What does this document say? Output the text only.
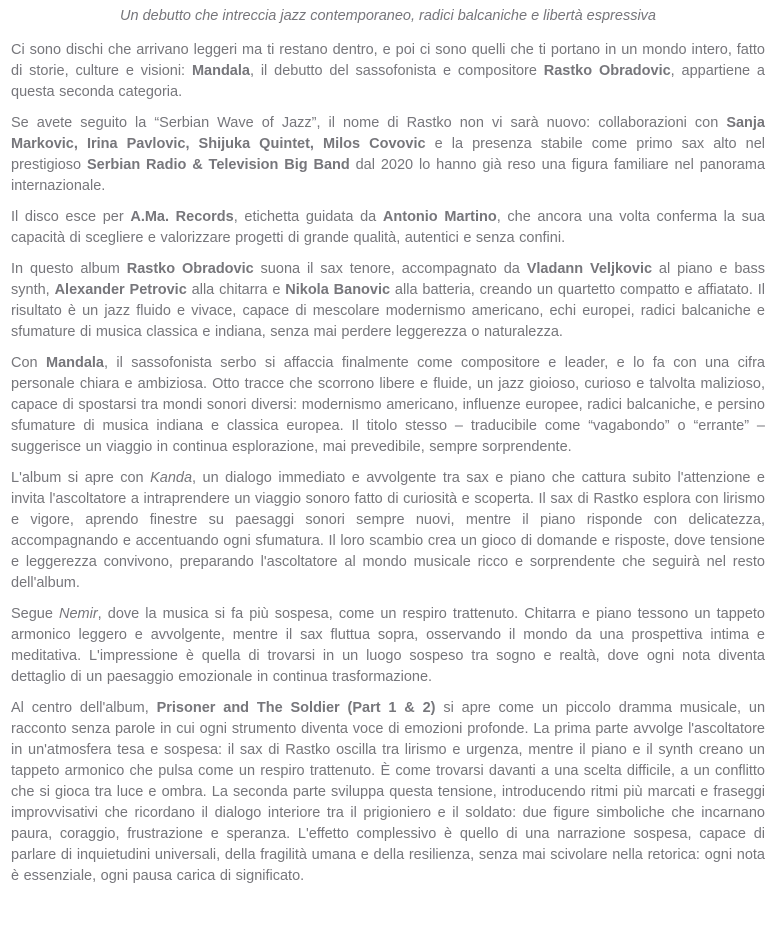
Un debutto che intreccia jazz contemporaneo, radici balcaniche e libertà espressiva

Ci sono dischi che arrivano leggeri ma ti restano dentro, e poi ci sono quelli che ti portano in un mondo intero, fatto di storie, culture e visioni: Mandala, il debutto del sassofonista e compositore Rastko Obradovic, appartiene a questa seconda categoria.

Se avete seguito la “Serbian Wave of Jazz”, il nome di Rastko non vi sarà nuovo: collaborazioni con Sanja Markovic, Irina Pavlovic, Shijuka Quintet, Milos Covovic e la presenza stabile come primo sax alto nel prestigioso Serbian Radio & Television Big Band dal 2020 lo hanno già reso una figura familiare nel panorama internazionale.

Il disco esce per A.Ma. Records, etichetta guidata da Antonio Martino, che ancora una volta conferma la sua capacità di scegliere e valorizzare progetti di grande qualità, autentici e senza confini.

In questo album Rastko Obradovic suona il sax tenore, accompagnato da Vladann Veljkovic al piano e bass synth, Alexander Petrovic alla chitarra e Nikola Banovic alla batteria, creando un quartetto compatto e affiatato. Il risultato è un jazz fluido e vivace, capace di mescolare modernismo americano, echi europei, radici balcaniche e sfumature di musica classica e indiana, senza mai perdere leggerezza o naturalezza.

Con Mandala, il sassofonista serbo si affaccia finalmente come compositore e leader, e lo fa con una cifra personale chiara e ambiziosa. Otto tracce che scorrono libere e fluide, un jazz gioioso, curioso e talvolta malizioso, capace di spostarsi tra mondi sonori diversi: modernismo americano, influenze europee, radici balcaniche, e persino sfumature di musica indiana e classica europea. Il titolo stesso – traducibile come “vagabondo” o “errante” – suggerisce un viaggio in continua esplorazione, mai prevedibile, sempre sorprendente.

L'album si apre con Kanda, un dialogo immediato e avvolgente tra sax e piano che cattura subito l'attenzione e invita l'ascoltatore a intraprendere un viaggio sonoro fatto di curiosità e scoperta. Il sax di Rastko esplora con lirismo e vigore, aprendo finestre su paesaggi sonori sempre nuovi, mentre il piano risponde con delicatezza, accompagnando e accentuando ogni sfumatura. Il loro scambio crea un gioco di domande e risposte, dove tensione e leggerezza convivono, preparando l'ascoltatore al mondo musicale ricco e sorprendente che seguirà nel resto dell'album.

Segue Nemir, dove la musica si fa più sospesa, come un respiro trattenuto. Chitarra e piano tessono un tappeto armonico leggero e avvolgente, mentre il sax fluttua sopra, osservando il mondo da una prospettiva intima e meditativa. L'impressione è quella di trovarsi in un luogo sospeso tra sogno e realtà, dove ogni nota diventa dettaglio di un paesaggio emozionale in continua trasformazione.

Al centro dell'album, Prisoner and The Soldier (Part 1 & 2) si apre come un piccolo dramma musicale, un racconto senza parole in cui ogni strumento diventa voce di emozioni profonde. La prima parte avvolge l'ascoltatore in un'atmosfera tesa e sospesa: il sax di Rastko oscilla tra lirismo e urgenza, mentre il piano e il synth creano un tappeto armonico che pulsa come un respiro trattenuto. È come trovarsi davanti a una scelta difficile, a un conflitto che si gioca tra luce e ombra. La seconda parte sviluppa questa tensione, introducendo ritmi più marcati e fraseggi improvvisativi che ricordano il dialogo interiore tra il prigioniero e il soldato: due figure simboliche che incarnano paura, coraggio, frustrazione e speranza. L'effetto complessivo è quello di una narrazione sospesa, capace di parlare di inquietudini universali, della fragilità umana e della resilienza, senza mai scivolare nella retorica: ogni nota è essenziale, ogni pausa carica di significato.
